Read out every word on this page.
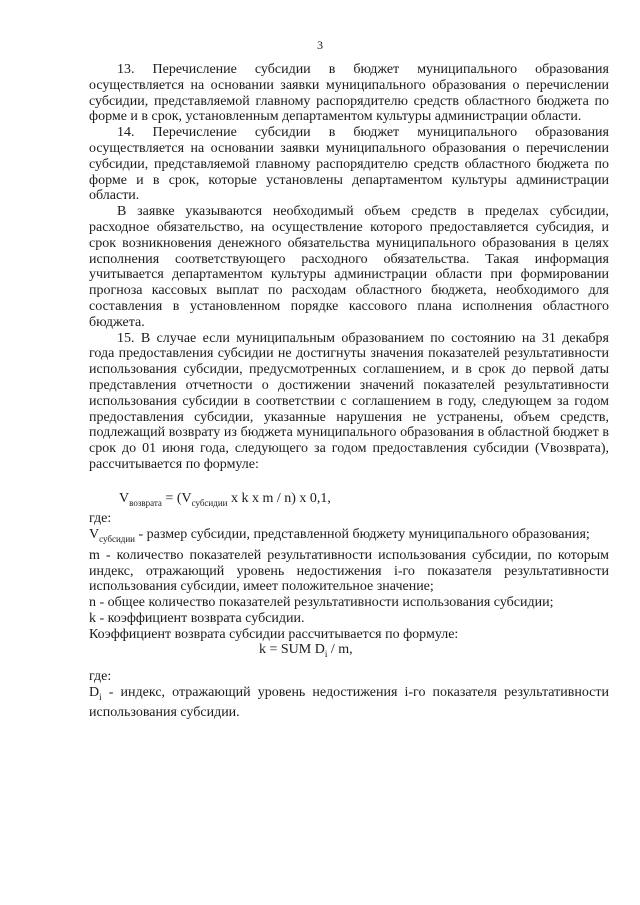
3

13. Перечисление субсидии в бюджет муниципального образования осуществляется на основании заявки муниципального образования о перечислении субсидии, представляемой главному распорядителю средств областного бюджета по форме и в срок, установленным департаментом культуры администрации области.

14. Перечисление субсидии в бюджет муниципального образования осуществляется на основании заявки муниципального образования о перечислении субсидии, представляемой главному распорядителю средств областного бюджета по форме и в срок, которые установлены департаментом культуры администрации области.

В заявке указываются необходимый объем средств в пределах субсидии, расходное обязательство, на осуществление которого предоставляется субсидия, и срок возникновения денежного обязательства муниципального образования в целях исполнения соответствующего расходного обязательства. Такая информация учитывается департаментом культуры администрации области при формировании прогноза кассовых выплат по расходам областного бюджета, необходимого для составления в установленном порядке кассового плана исполнения областного бюджета.

15. В случае если муниципальным образованием по состоянию на 31 декабря года предоставления субсидии не достигнуты значения показателей результативности использования субсидии, предусмотренных соглашением, и в срок до первой даты представления отчетности о достижении значений показателей результативности использования субсидии в соответствии с соглашением в году, следующем за годом предоставления субсидии, указанные нарушения не устранены, объем средств, подлежащий возврату из бюджета муниципального образования в областной бюджет в срок до 01 июня года, следующего за годом предоставления субсидии (Vвозврата), рассчитывается по формуле:

$V_{возврата} = (V_{субсидии}$ x k x m / n) x 0,1,

где:

$V_{субсидии}$ - размер субсидии, представленной бюджету муниципального образования;

m - количество показателей результативности использования субсидии, по которым индекс, отражающий уровень недостижения i-го показателя результативности использования субсидии, имеет положительное значение;

n - общее количество показателей результативности использования субсидии;

k - коэффициент возврата субсидии.

Коэффициент возврата субсидии рассчитывается по формуле:

k = SUM $D_i$ / m,

где:

$D_i$ - индекс, отражающий уровень недостижения i-го показателя результативности использования субсидии.
